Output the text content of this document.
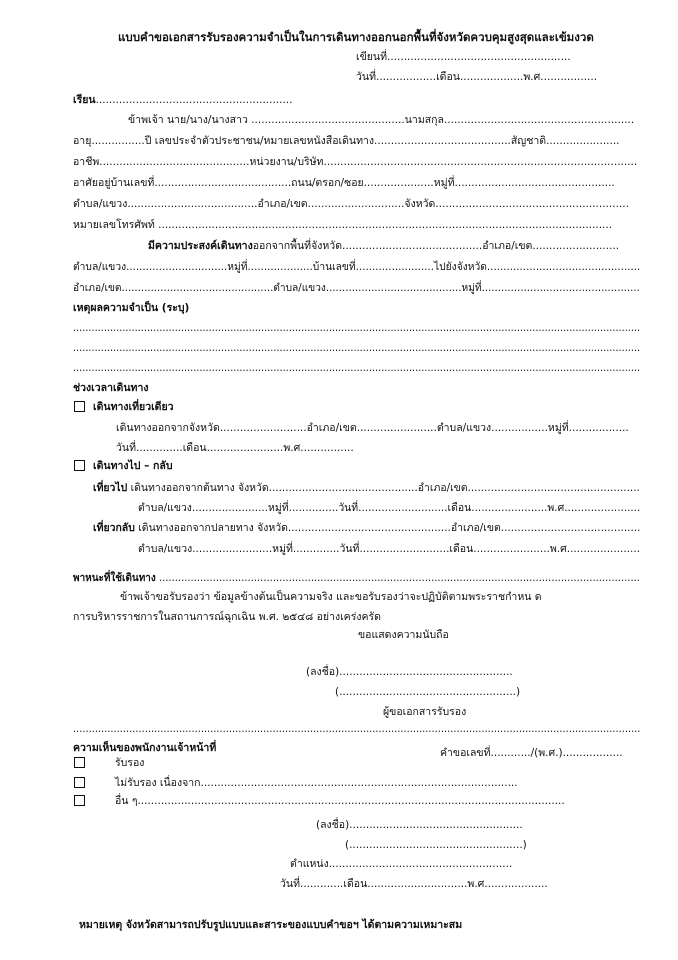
แบบคำขอเอกสารรับรองความจำเป็นในการเดินทางออกนอกพื้นที่จังหวัดควบคุมสูงสุดและเข้มงวด
เขียนที่.......................................................
วันที่..................เดือน...................พ.ศ.................
เรียน...........................................................
ข้าพเจ้า นาย/นาง/นางสาว ..............................................นามสกุล.........................................................
อายุ................ปี เลขประจำตัวประชาชน/หมายเลขหนังสือเดินทาง.........................................สัญชาติ......................
อาชีพ.............................................หน่วยงาน/บริษัท..............................................................................................
อาศัยอยู่บ้านเลขที่.........................................ถนน/ตรอก/ซอย.....................หมู่ที่................................................
ตำบล/แขวง.......................................อำเภอ/เขต.............................จังหวัด..........................................................
หมายเลขโทรศัพท์ ........................................................................................................................................
มีความประสงค์เดินทางออกจากพื้นที่จังหวัด..........................................อำเภอ/เขต..........................
ตำบล/แขวง...............................หมู่ที่....................บ้านเลขที่........................ไปยังจังหวัด...............................................
อำเภอ/เขต...............................................ตำบล/แขวง..........................................หมู่ที่.................................................
เหตุผลความจำเป็น (ระบุ)
........................................................................................................................................................................................
........................................................................................................................................................................................
........................................................................................................................................................................................
ช่วงเวลาเดินทาง
เดินทางเที่ยวเดียว
เดินทางออกจากจังหวัด..........................อำเภอ/เขต........................ตำบล/แขวง.................หมู่ที่..................
วันที่..............เดือน.......................พ.ศ................
เดินทางไป – กลับ
เที่ยวไป เดินทางออกจากต้นทาง จังหวัด.............................................อำเภอ/เขต....................................................
ตำบล/แขวง.......................หมู่ที่...............วันที่...........................เดือน.......................พ.ศ.......................
เที่ยวกลับ เดินทางออกจากปลายทาง จังหวัด.................................................อำเภอ/เขต..........................................
ตำบล/แขวง........................หมู่ที่..............วันที่...........................เดือน.......................พ.ศ......................
พาหนะที่ใช้เดินทาง ........................................................................................................................................................
ข้าพเจ้าขอรับรองว่า ข้อมูลข้างต้นเป็นความจริง และขอรับรองว่าจะปฏิบัติตามพระราชกำหน ด
การบริหารราชการในสถานการณ์ฉุกเฉิน พ.ศ. ๒๕๔๘ อย่างเคร่งครัด
ขอแสดงความนับถือ
(ลงชื่อ)....................................................
(.....................................................)
ผู้ขอเอกสารรับรอง
......................................................................................................................................................................................
ความเห็นของพนักงานเจ้าหน้าที่	คำขอเลขที่............/(พ.ศ.)..................
รับรอง
ไม่รับรอง เนื่องจาก...............................................................................................
อื่น ๆ................................................................................................................................
(ลงชื่อ)....................................................
(....................................................)
ตำแหน่ง.......................................................
วันที่.............เดือน..............................พ.ศ...................
หมายเหตุ จังหวัดสามารถปรับรูปแบบและสาระของแบบคำขอฯ ได้ตามความเหมาะสม
